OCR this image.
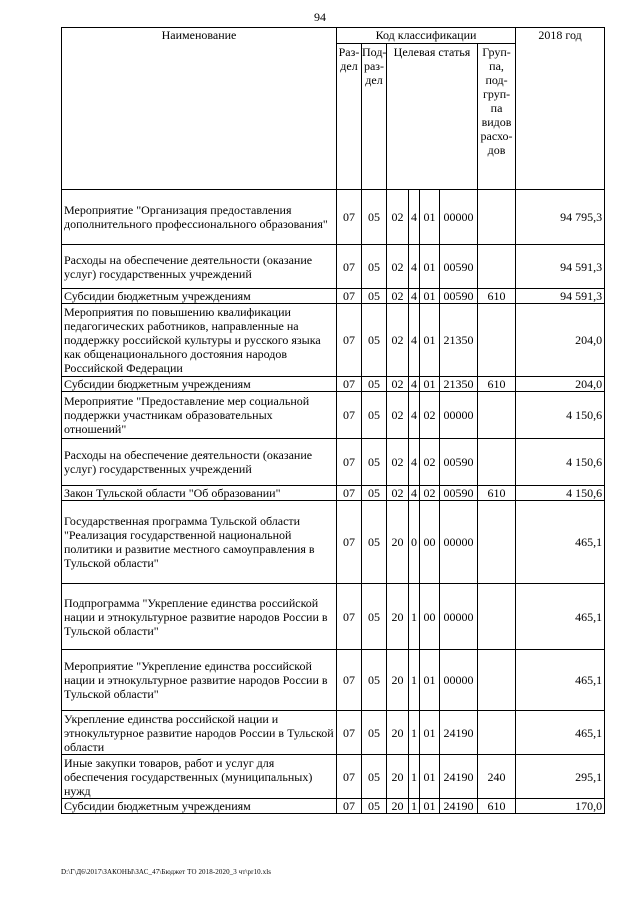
94
Наименование	Код классификации							2018 год
	Раз- дел	Под- раз- дел	Целевая статья				Груп- па, под- груп- па видов расхо- дов	
Мероприятие "Организация предоставления дополнительного профессионального образования"	07	05	02	4	01	00000		94 795,3
Расходы на обеспечение деятельности (оказание услуг) государственных учреждений	07	05	02	4	01	00590		94 591,3
Субсидии бюджетным учреждениям	07	05	02	4	01	00590	610	94 591,3
Мероприятия по повышению квалификации педагогических работников, направленные на поддержку российской культуры и русского языка как общенационального достояния народов Российской Федерации	07	05	02	4	01	21350		204,0
Субсидии бюджетным учреждениям	07	05	02	4	01	21350	610	204,0
Мероприятие "Предоставление мер социальной поддержки участникам образовательных отношений"	07	05	02	4	02	00000		4 150,6
Расходы на обеспечение деятельности (оказание услуг) государственных учреждений	07	05	02	4	02	00590		4 150,6
Закон Тульской области "Об образовании"	07	05	02	4	02	00590	610	4 150,6
Государственная программа Тульской области "Реализация государственной национальной политики и развитие местного самоуправления в Тульской области"	07	05	20	0	00	00000		465,1
Подпрограмма "Укрепление единства российской нации и этнокультурное развитие народов России в Тульской области"	07	05	20	1	00	00000		465,1
Мероприятие "Укрепление единства российской нации и этнокультурное развитие народов России в Тульской области"	07	05	20	1	01	00000		465,1
Укрепление единства российской нации и этнокультурное развитие народов России в Тульской области	07	05	20	1	01	24190		465,1
Иные закупки товаров, работ и услуг для обеспечения государственных (муниципальных) нужд	07	05	20	1	01	24190	240	295,1
Субсидии бюджетным учреждениям	07	05	20	1	01	24190	610	170,0
D:\Г\Д6\2017\ЗАКОНЫ\ЗАС_47\Бюджет ТО 2018-2020_3 чт\pr10.xls
